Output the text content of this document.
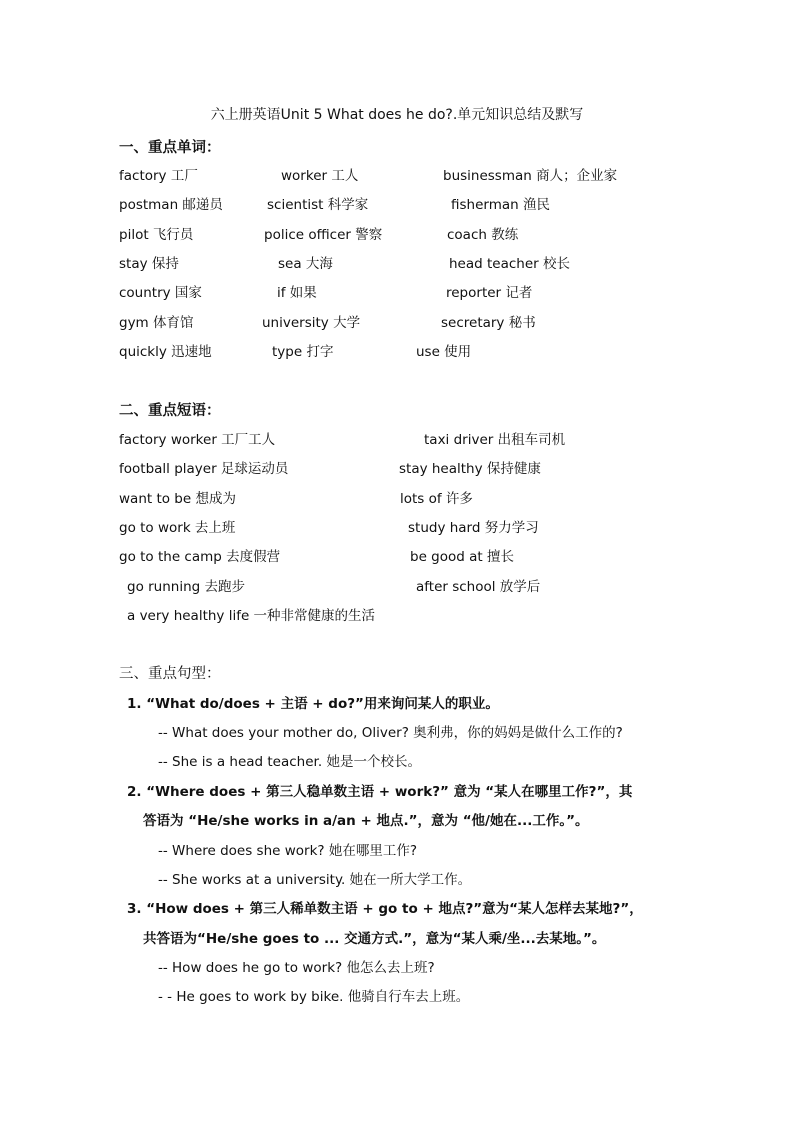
六上册英语Unit 5 What does he do?.单元知识总结及默写
一、重点单词：
factory 工厂	worker 工人	businessman 商人；企业家
postman 邮递员	scientist 科学家	fisherman 渔民
pilot 飞行员	police officer 警察	coach 教练
stay 保持	sea 大海	head teacher 校长
country 国家	if 如果	reporter 记者
gym 体育馆	university 大学	secretary 秘书
quickly 迅速地	type 打字	use 使用
二、重点短语：
factory worker 工厂工人	taxi driver 出租车司机
football player 足球运动员	stay healthy 保持健康
want to be 想成为	lots of 许多
go to work 去上班	study hard 努力学习
go to the camp 去度假营	be good at 擅长
go running 去跑步	after school 放学后
a very healthy life 一种非常健康的生活
三、重点句型：
1. “What do/does + 主语 + do?”用来询问某人的职业。
-- What does your mother do, Oliver? 奥利弗，你的妈妈是做什么工作的?
-- She is a head teacher. 她是一个校长。
2. “Where does + 第三人稳单数主语 + work?” 意为 “某人在哪里工作?”，其
答语为 “He/she works in a/an + 地点.”，意为 “他/她在...工作。”。
-- Where does she work? 她在哪里工作?
-- She works at a university. 她在一所大学工作。
3. “How does + 第三人稀单数主语 + go to + 地点?”意为“某人怎样去某地?”，
共答语为“He/she goes to ... 交通方式.”，意为“某人乘/坐...去某地。”。
-- How does he go to work? 他怎么去上班?
- - He goes to work by bike. 他骑自行车去上班。
